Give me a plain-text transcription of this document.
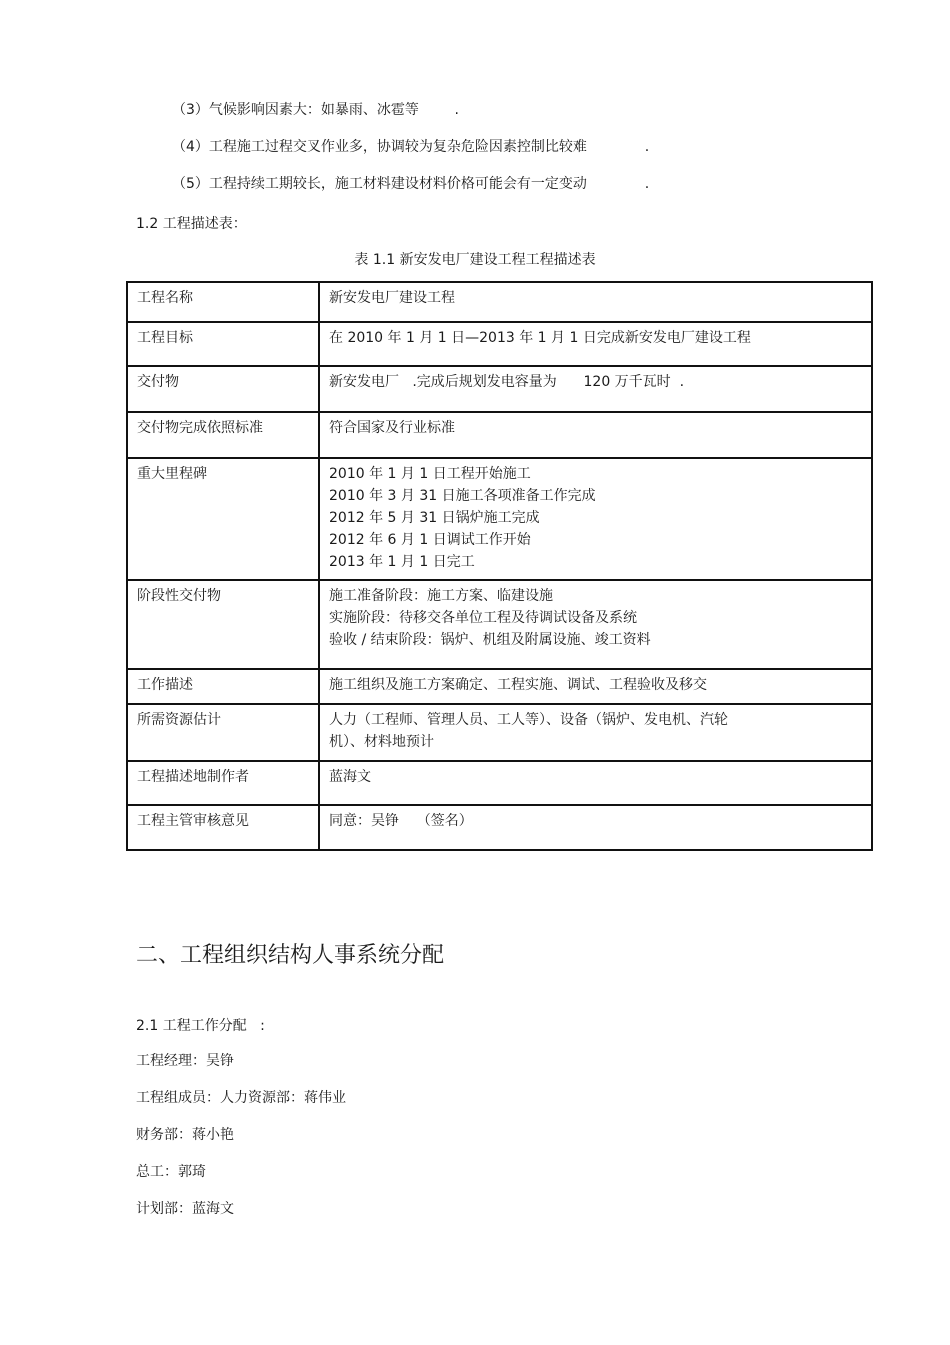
（3）气候影响因素大：如暴雨、冰雹等        .
（4）工程施工过程交叉作业多，协调较为复杂危险因素控制比较难             .
（5）工程持续工期较长，施工材料建设材料价格可能会有一定变动             .
1.2 工程描述表：
表 1.1 新安发电厂建设工程工程描述表
工程名称	新安发电厂建设工程

工程目标	在 2010 年 1 月 1 日—2013 年 1 月 1 日完成新安发电厂建设工程

交付物	新安发电厂   .完成后规划发电容量为      120 万千瓦时  .

交付物完成依照标准	符合国家及行业标准

重大里程碑	2010 年 1 月 1 日工程开始施工
2010 年 3 月 31 日施工各项准备工作完成
2012 年 5 月 31 日锅炉施工完成
2012 年 6 月 1 日调试工作开始
2013 年 1 月 1 日完工

阶段性交付物	施工准备阶段：施工方案、临建设施
实施阶段：待移交各单位工程及待调试设备及系统
验收 / 结束阶段：锅炉、机组及附属设施、竣工资料

工作描述	施工组织及施工方案确定、工程实施、调试、工程验收及移交

所需资源估计	人力（工程师、管理人员、工人等）、设备（锅炉、发电机、汽轮
机）、材料地预计

工程描述地制作者	蓝海文

工程主管审核意见	同意：吴铮    （签名）
二、工程组织结构人事系统分配
2.1 工程工作分配   :
工程经理：吴铮
工程组成员：人力资源部：蒋伟业
财务部：蒋小艳
总工：郭琦
计划部：蓝海文
